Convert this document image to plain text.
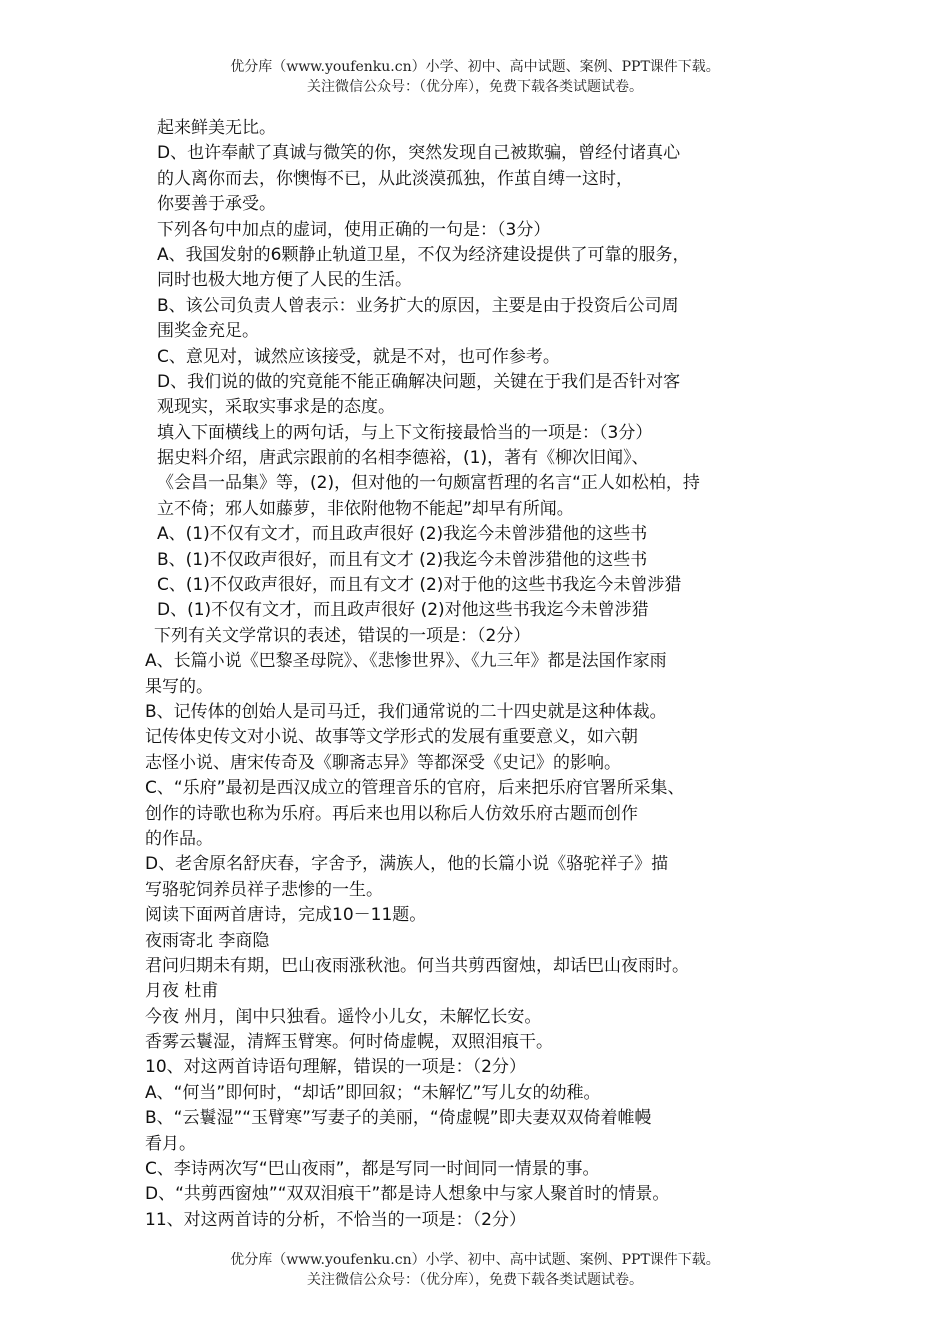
优分库（www.youfenku.cn）小学、初中、高中试题、案例、PPT课件下载。
关注微信公众号：（优分库），免费下载各类试题试卷。
起来鲜美无比。
D、也许奉献了真诚与微笑的你，突然发现自己被欺骗，曾经付诸真心
的人离你而去，你懊悔不已，从此淡漠孤独，作茧自缚一这时，
你要善于承受。
下列各句中加点的虚词，使用正确的一句是：（3分）
A、我国发射的6颗静止轨道卫星，不仅为经济建设提供了可靠的服务，
同时也极大地方便了人民的生活。
B、该公司负责人曾表示：业务扩大的原因，主要是由于投资后公司周
围奖金充足。
C、意见对，诚然应该接受，就是不对，也可作参考。
D、我们说的做的究竟能不能正确解决问题，关键在于我们是否针对客
观现实，采取实事求是的态度。
填入下面横线上的两句话，与上下文衔接最恰当的一项是：（3分）
据史料介绍，唐武宗跟前的名相李德裕，(1)，著有《柳次旧闻》、
《会昌一品集》等，(2)，但对他的一句颇富哲理的名言“正人如松柏，持
立不倚；邪人如藤萝，非依附他物不能起”却早有所闻。
A、(1)不仅有文才，而且政声很好 (2)我迄今未曾涉猎他的这些书
B、(1)不仅政声很好，而且有文才 (2)我迄今未曾涉猎他的这些书
C、(1)不仅政声很好，而且有文才 (2)对于他的这些书我迄今未曾涉猎
D、(1)不仅有文才，而且政声很好 (2)对他这些书我迄今未曾涉猎
下列有关文学常识的表述，错误的一项是：（2分）
A、长篇小说《巴黎圣母院》、《悲惨世界》、《九三年》都是法国作家雨
果写的。
B、记传体的创始人是司马迁，我们通常说的二十四史就是这种体裁。
记传体史传文对小说、故事等文学形式的发展有重要意义，如六朝
志怪小说、唐宋传奇及《聊斋志异》等都深受《史记》的影响。
C、“乐府”最初是西汉成立的管理音乐的官府，后来把乐府官署所采集、
创作的诗歌也称为乐府。再后来也用以称后人仿效乐府古题而创作
的作品。
D、老舍原名舒庆春，字舍予，满族人，他的长篇小说《骆驼祥子》描
写骆驼饲养员祥子悲惨的一生。
阅读下面两首唐诗，完成10－11题。
夜雨寄北 李商隐
君问归期未有期，巴山夜雨涨秋池。何当共剪西窗烛，却话巴山夜雨时。
月夜 杜甫
今夜 州月，闺中只独看。遥怜小儿女，未解忆长安。
香雾云鬟湿，清辉玉臂寒。何时倚虚幌，双照泪痕干。
10、对这两首诗语句理解，错误的一项是：（2分）
A、“何当”即何时，“却话”即回叙；“未解忆”写儿女的幼稚。
B、“云鬟湿”“玉臂寒”写妻子的美丽，“倚虚幌”即夫妻双双倚着帷幔
看月。
C、李诗两次写“巴山夜雨”，都是写同一时间同一情景的事。
D、“共剪西窗烛”“双双泪痕干”都是诗人想象中与家人聚首时的情景。
11、对这两首诗的分析，不恰当的一项是：（2分）
优分库（www.youfenku.cn）小学、初中、高中试题、案例、PPT课件下载。
关注微信公众号：（优分库），免费下载各类试题试卷。
